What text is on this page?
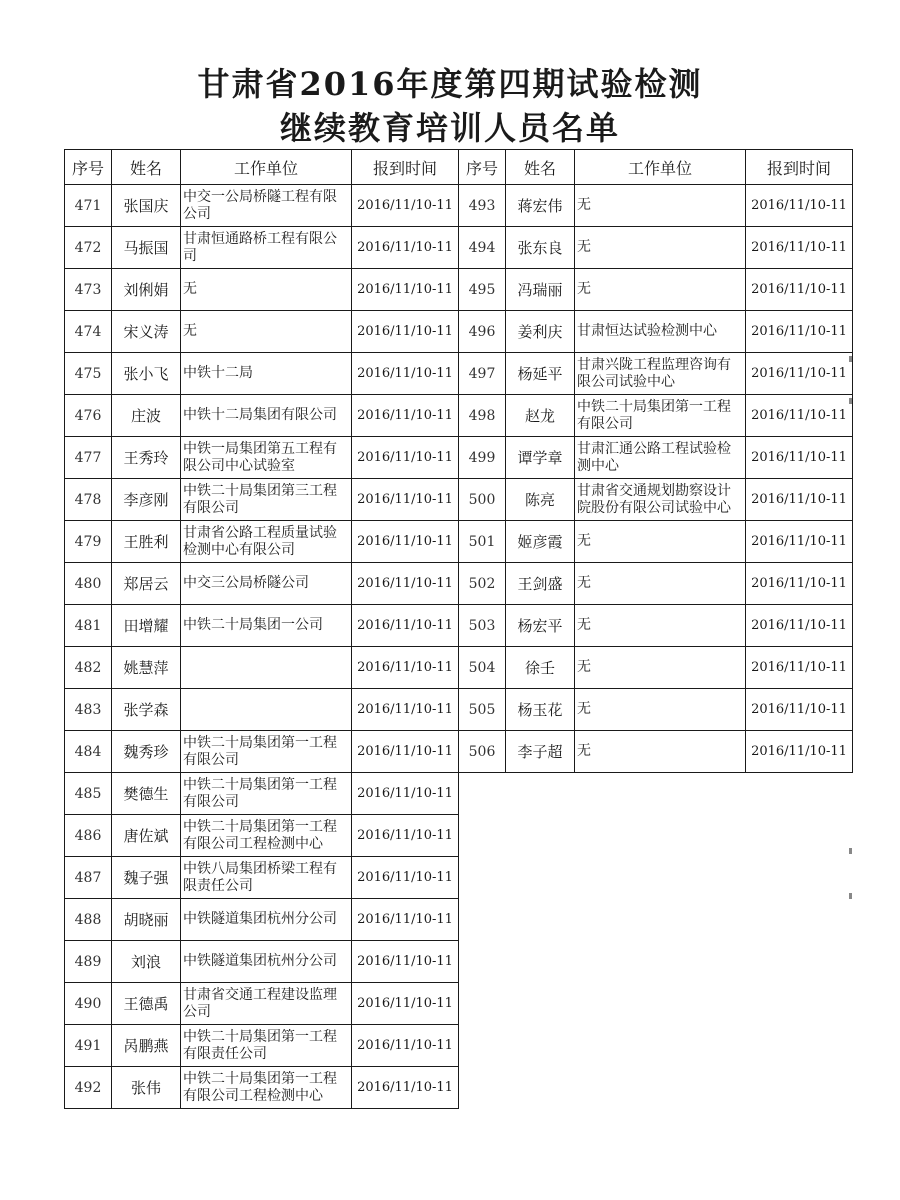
甘肃省2016年度第四期试验检测
继续教育培训人员名单
序号	姓名	工作单位	报到时间	序号	姓名	工作单位	报到时间
471	张国庆	中交一公局桥隧工程有限公司	2016/11/10-11	493	蒋宏伟	无	2016/11/10-11
472	马振国	甘肃恒通路桥工程有限公司	2016/11/10-11	494	张东良	无	2016/11/10-11
473	刘俐娟	无	2016/11/10-11	495	冯瑞丽	无	2016/11/10-11
474	宋义涛	无	2016/11/10-11	496	姜利庆	甘肃恒达试验检测中心	2016/11/10-11
475	张小飞	中铁十二局	2016/11/10-11	497	杨延平	甘肃兴陇工程监理咨询有限公司试验中心	2016/11/10-11
476	庄波	中铁十二局集团有限公司	2016/11/10-11	498	赵龙	中铁二十局集团第一工程有限公司	2016/11/10-11
477	王秀玲	中铁一局集团第五工程有限公司中心试验室	2016/11/10-11	499	谭学章	甘肃汇通公路工程试验检测中心	2016/11/10-11
478	李彦刚	中铁二十局集团第三工程有限公司	2016/11/10-11	500	陈亮	甘肃省交通规划勘察设计院股份有限公司试验中心	2016/11/10-11
479	王胜利	甘肃省公路工程质量试验检测中心有限公司	2016/11/10-11	501	姬彦霞	无	2016/11/10-11
480	郑居云	中交三公局桥隧公司	2016/11/10-11	502	王剑盛	无	2016/11/10-11
481	田增耀	中铁二十局集团一公司	2016/11/10-11	503	杨宏平	无	2016/11/10-11
482	姚慧萍		2016/11/10-11	504	徐壬	无	2016/11/10-11
483	张学森		2016/11/10-11	505	杨玉花	无	2016/11/10-11
484	魏秀珍	中铁二十局集团第一工程有限公司	2016/11/10-11	506	李子超	无	2016/11/10-11
485	樊德生	中铁二十局集团第一工程有限公司	2016/11/10-11				
486	唐佐斌	中铁二十局集团第一工程有限公司工程检测中心	2016/11/10-11				
487	魏子强	中铁八局集团桥梁工程有限责任公司	2016/11/10-11				
488	胡晓丽	中铁隧道集团杭州分公司	2016/11/10-11				
489	刘浪	中铁隧道集团杭州分公司	2016/11/10-11				
490	王德禹	甘肃省交通工程建设监理公司	2016/11/10-11				
491	呙鹏燕	中铁二十局集团第一工程有限责任公司	2016/11/10-11				
492	张伟	中铁二十局集团第一工程有限公司工程检测中心	2016/11/10-11				
